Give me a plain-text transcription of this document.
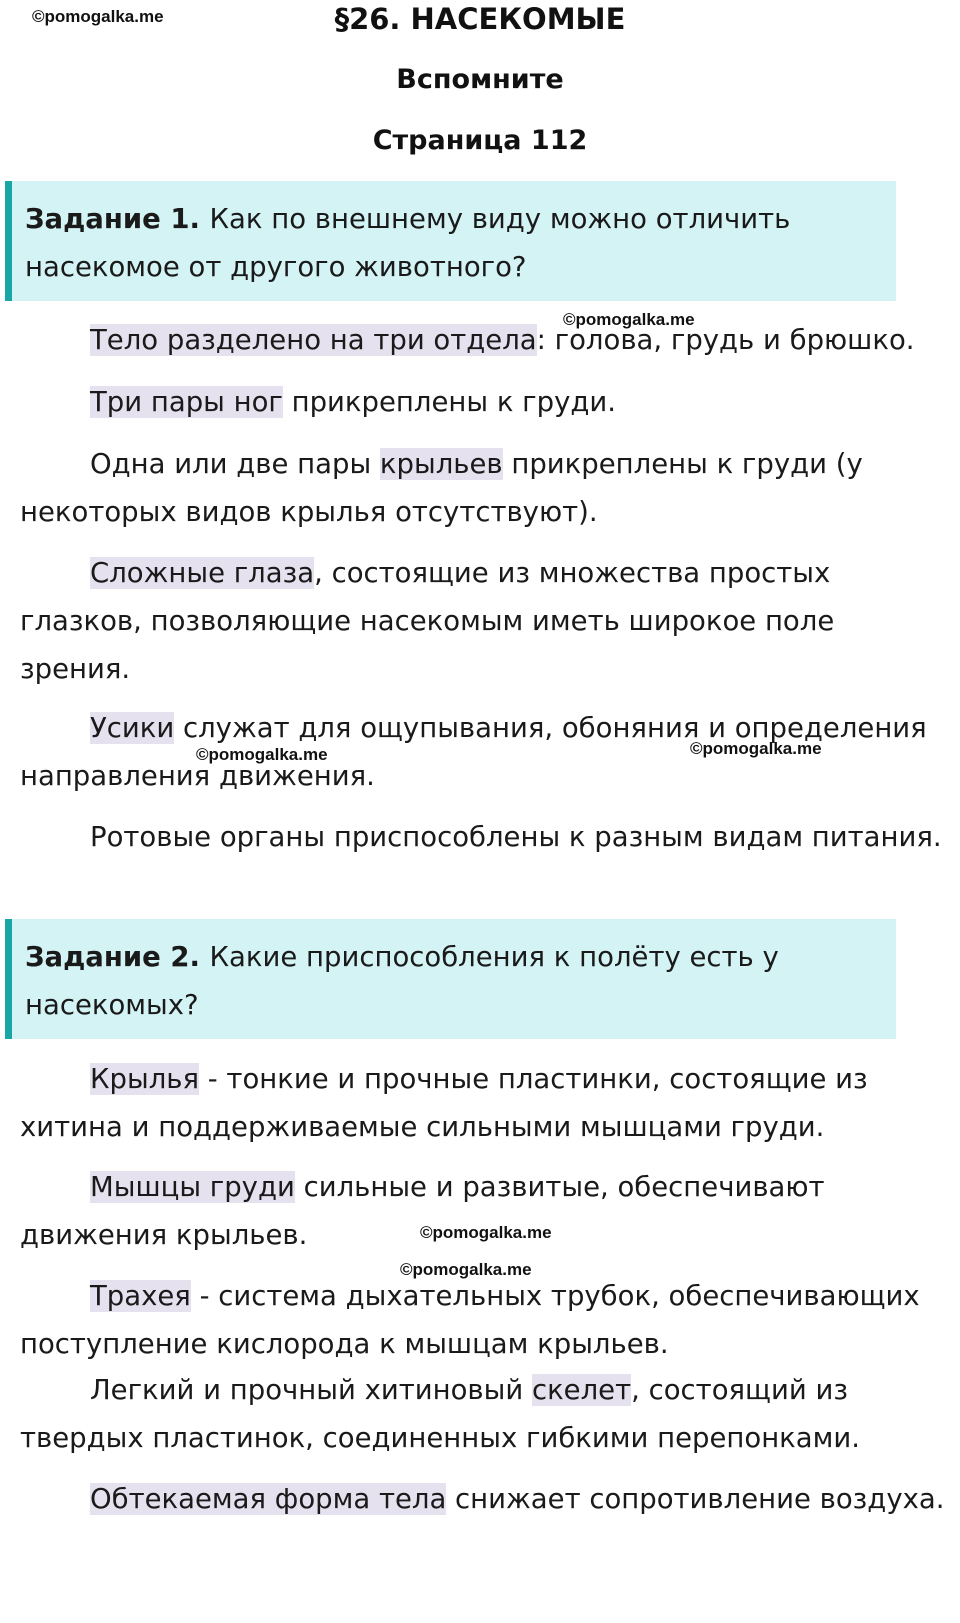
©pomogalka.me
©pomogalka.me
©pomogalka.me	©pomogalka.me
©pomogalka.me
©pomogalka.me
§26. НАСЕКОМЫЕ
Вспомните
Страница 112
Задание 1. Как по внешнему виду можно отличить насекомое от другого животного?

Тело разделено на три отдела: голова, грудь и брюшко.

Три пары ног прикреплены к груди.

Одна или две пары крыльев прикреплены к груди (у некоторых видов крылья отсутствуют).

Сложные глаза, состоящие из множества простых глазков, позволяющие насекомым иметь широкое поле зрения.

Усики служат для ощупывания, обоняния и определения направления движения.

Ротовые органы приспособлены к разным видам питания.

Задание 2. Какие приспособления к полёту есть у насекомых?

Крылья - тонкие и прочные пластинки, состоящие из хитина и поддерживаемые сильными мышцами груди.

Мышцы груди сильные и развитые, обеспечивают движения крыльев.

Трахея - система дыхательных трубок, обеспечивающих поступление кислорода к мышцам крыльев.

Легкий и прочный хитиновый скелет, состоящий из твердых пластинок, соединенных гибкими перепонками.

Обтекаемая форма тела снижает сопротивление воздуха.
